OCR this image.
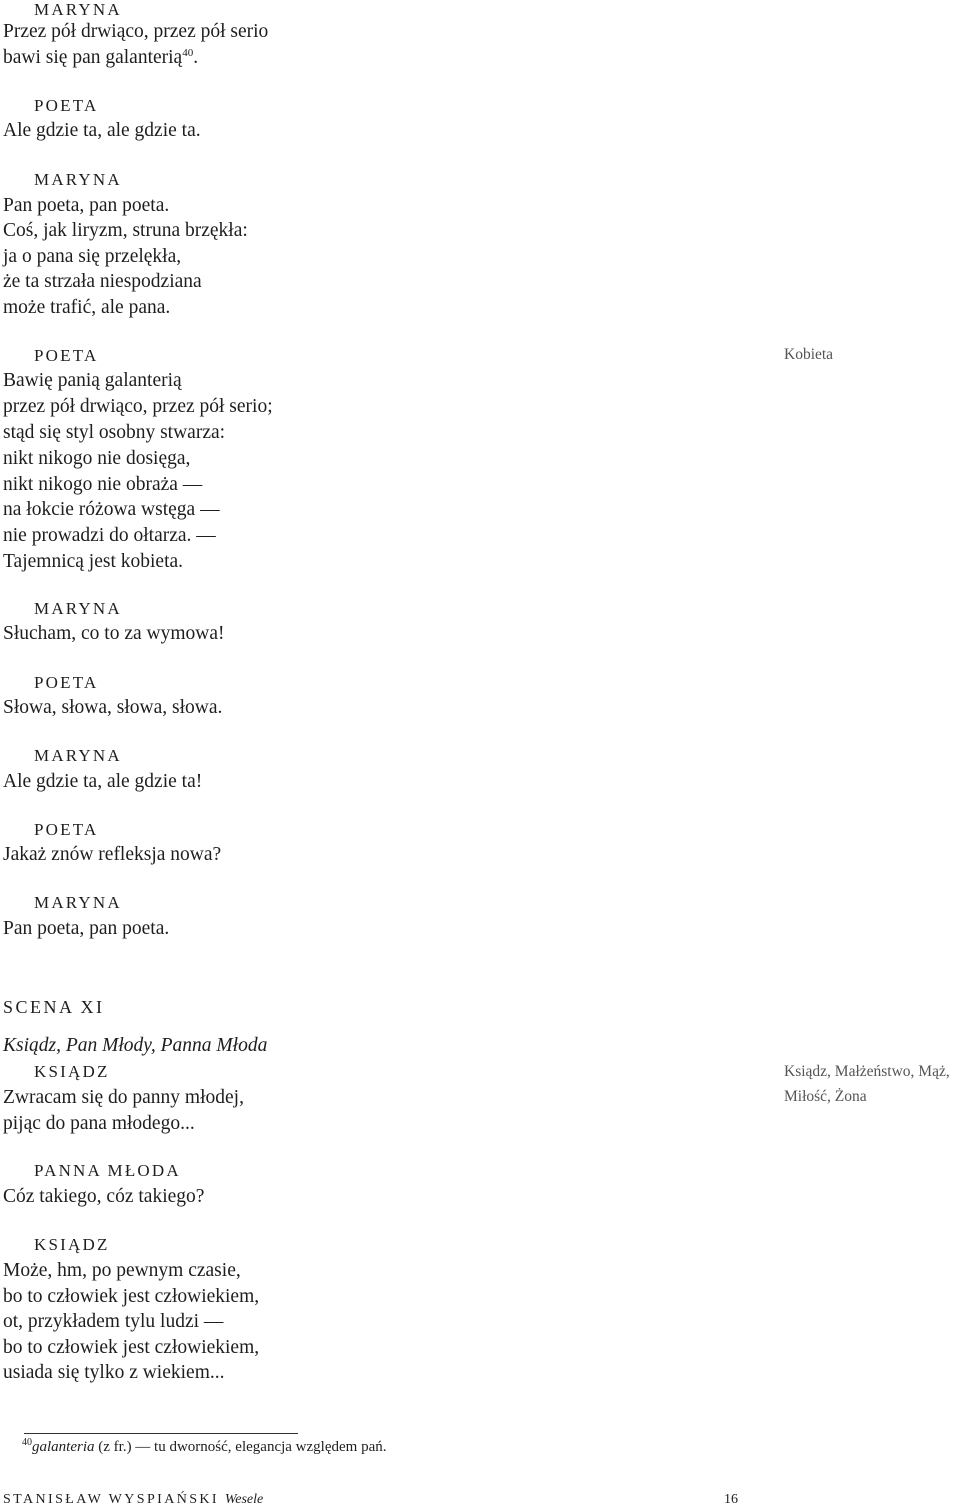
MARYNA
Przez pół drwiąco, przez pół serio
bawi się pan galanterią$^{40}$.
POETA
Ale gdzie ta, ale gdzie ta.
MARYNA
Pan poeta, pan poeta.
Coś, jak liryzm, struna brzękła:
ja o pana się przelękła,
że ta strzała niespodziana
może trafić, ale pana.
POETA
Bawię panią galanterią
przez pół drwiąco, przez pół serio;
stąd się styl osobny stwarza:
nikt nikogo nie dosięga,
nikt nikogo nie obraża —
na łokcie różowa wstęga —
nie prowadzi do ołtarza. —
Tajemnicą jest kobieta.
MARYNA
Słucham, co to za wymowa!
POETA
Słowa, słowa, słowa, słowa.
MARYNA
Ale gdzie ta, ale gdzie ta!
POETA
Jakaż znów refleksja nowa?
MARYNA
Pan poeta, pan poeta.
Kobieta
Ksiądz, Małżeństwo, Mąż,
Miłość, Żona
SCENA XI
Ksiądz, Pan Młody, Panna Młoda
KSIĄDZ
Zwracam się do panny młodej,
pijąc do pana młodego...
PANNA MŁODA
Cóz takiego, cóz takiego?
KSIĄDZ
Może, hm, po pewnym czasie,
bo to człowiek jest człowiekiem,
ot, przykładem tylu ludzi —
bo to człowiek jest człowiekiem,
usiada się tylko z wiekiem...
$^{40}$galanteria (z fr.) — tu dworność, elegancja względem pań.
STANISŁAW WYSPIAŃSKI Wesele	16
